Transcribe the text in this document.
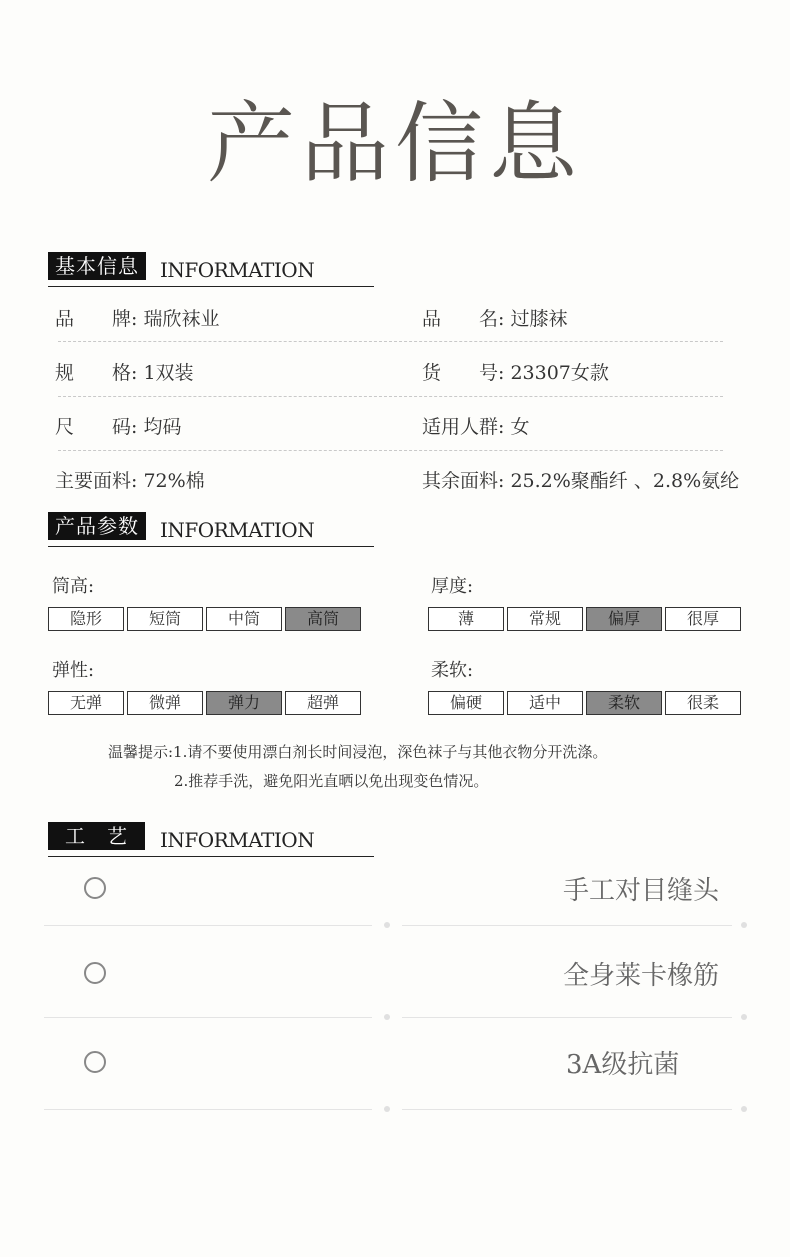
产品信息
基本信息	INFORMATION
品　　牌: 瑞欣袜业	品　　名: 过膝袜
规　　格: 1双装	货　　号: 23307女款
尺　　码: 均码	适用人群: 女
主要面料: 72%棉	其余面料: 25.2%聚酯纤 、2.8%氨纶
产品参数	INFORMATION
筒高:
隐形	短筒	中筒	高筒
厚度:
薄	常规	偏厚	很厚
弹性:
无弹	微弹	弹力	超弹
柔软:
偏硬	适中	柔软	很柔
温馨提示:1.请不要使用漂白剂长时间浸泡，深色袜子与其他衣物分开洗涤。
2.推荐手洗，避免阳光直晒以免出现变色情况。
工　艺	INFORMATION
手工对目缝头
全身莱卡橡筋
3A级抗菌
